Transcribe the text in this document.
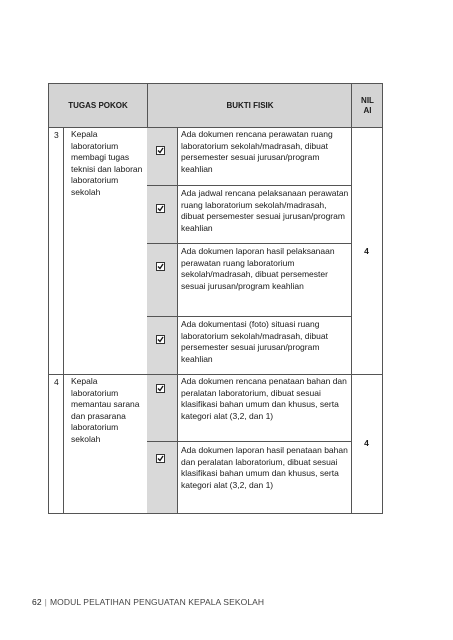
TUGAS POKOK	BUKTI FISIK
NIL AI
3 Kepala laboratorium membagi tugas teknisi dan laboran laboratorium sekolah
Ada dokumen rencana perawatan ruang laboratorium sekolah/madrasah, dibuat persemester sesuai jurusan/program keahlian
Ada jadwal rencana pelaksanaan perawatan ruang laboratorium sekolah/madrasah, dibuat persemester sesuai jurusan/program keahlian
Ada dokumen laporan hasil pelaksanaan perawatan ruang laboratorium sekolah/madrasah, dibuat persemester sesuai jurusan/program keahlian
Ada dokumentasi (foto) situasi ruang laboratorium sekolah/madrasah, dibuat persemester sesuai jurusan/program keahlian
4
4 Kepala laboratorium memantau sarana dan prasarana laboratorium sekolah
Ada dokumen rencana penataan bahan dan peralatan laboratorium, dibuat sesuai klasifikasi bahan umum dan khusus, serta kategori alat (3,2, dan 1)
Ada dokumen laporan hasil penataan bahan dan peralatan laboratorium, dibuat sesuai klasifikasi bahan umum dan khusus, serta kategori alat (3,2, dan 1)
4
62 | MODUL PELATIHAN PENGUATAN KEPALA SEKOLAH
